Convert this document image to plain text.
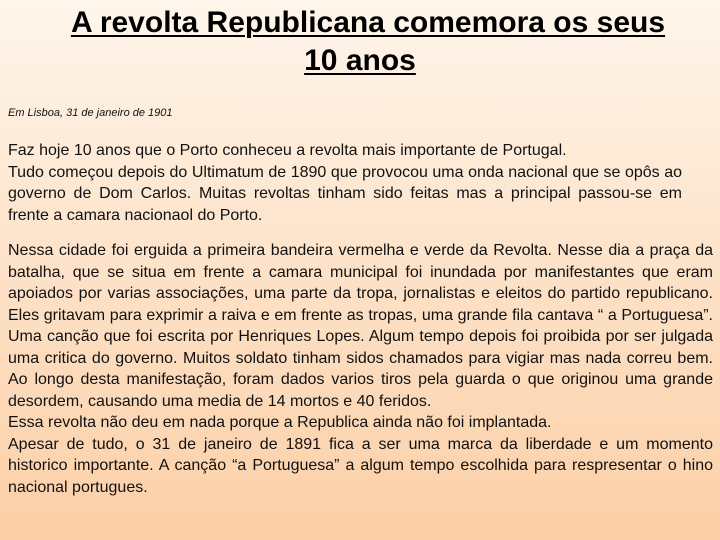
A revolta Republicana comemora os seus
10 anos
Em Lisboa, 31 de janeiro de 1901
Faz hoje 10 anos que o Porto conheceu a revolta mais importante de Portugal.
Tudo começou depois do Ultimatum de 1890 que provocou uma onda nacional que se opôs ao governo de Dom Carlos. Muitas revoltas tinham sido feitas mas a principal passou-se em frente a camara nacionaol do Porto.
Nessa cidade foi erguida a primeira bandeira vermelha e verde da Revolta. Nesse dia a praça da batalha, que se situa em frente a camara municipal foi inundada por manifestantes que eram apoiados por varias associações, uma parte da tropa, jornalistas e eleitos do partido republicano. Eles gritavam para exprimir a raiva e em frente as tropas, uma grande fila cantava “ a Portuguesa”. Uma canção que foi escrita por Henriques Lopes. Algum tempo depois foi proibida por ser julgada uma critica do governo. Muitos soldato tinham sidos chamados para vigiar mas nada correu bem. Ao longo desta manifestação, foram dados varios tiros pela guarda o que originou uma grande desordem, causando uma media de 14 mortos e 40 feridos.
Essa revolta não deu em nada porque a Republica ainda não foi implantada.
Apesar de tudo, o 31 de janeiro de 1891 fica a ser uma marca da liberdade e um momento historico importante. A canção “a Portuguesa” a algum tempo escolhida para respresentar o hino nacional portugues.
